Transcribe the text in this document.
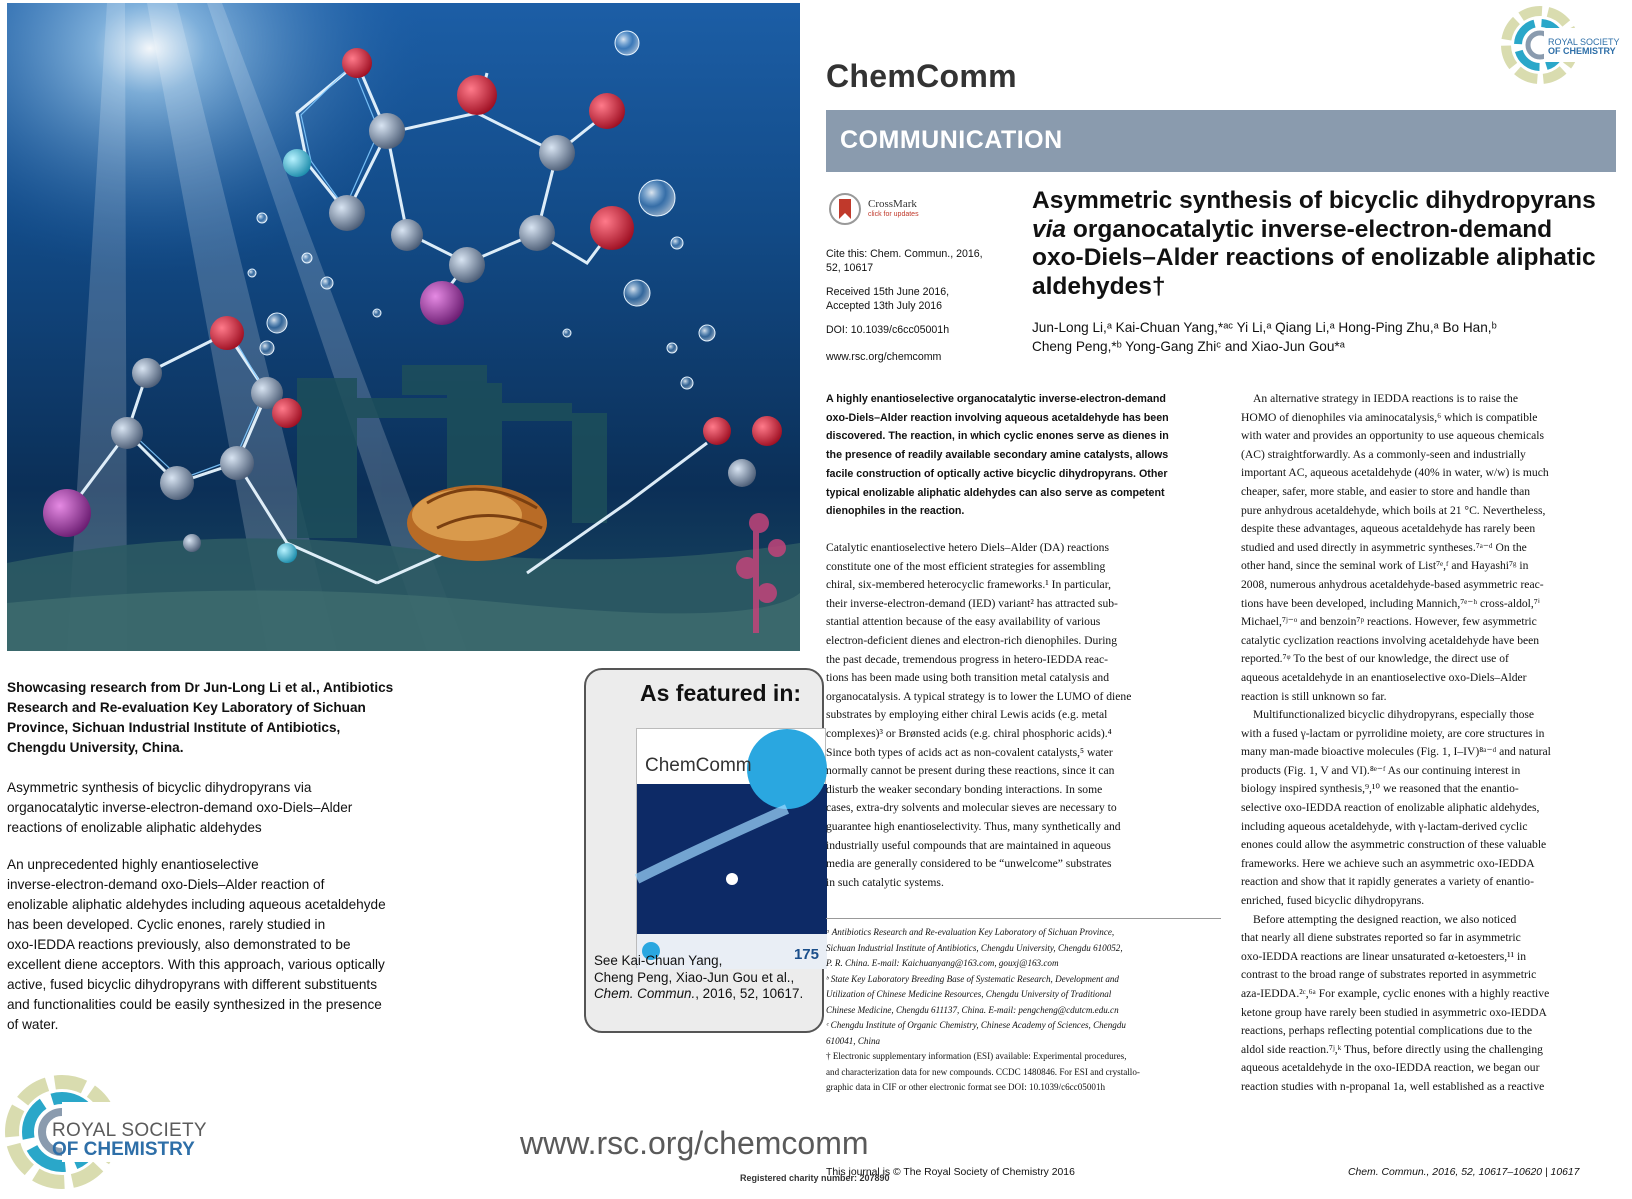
Showcasing research from Dr Jun-Long Li et al., Antibiotics
Research and Re-evaluation Key Laboratory of Sichuan
Province, Sichuan Industrial Institute of Antibiotics,
Chengdu University, China.
Asymmetric synthesis of bicyclic dihydropyrans via
organocatalytic inverse-electron-demand oxo-Diels–Alder
reactions of enolizable aliphatic aldehydes
An unprecedented highly enantioselective
inverse-electron-demand oxo-Diels–Alder reaction of
enolizable aliphatic aldehydes including aqueous acetaldehyde
has been developed. Cyclic enones, rarely studied in
oxo-IEDDA reactions previously, also demonstrated to be
excellent diene acceptors. With this approach, various optically
active, fused bicyclic dihydropyrans with different substituents
and functionalities could be easily synthesized in the presence
of water.
As featured in:
ChemComm
175
See Kai-Chuan Yang,
Cheng Peng, Xiao-Jun Gou et al.,
Chem. Commun., 2016, 52, 10617.
ROYAL SOCIETY
OF CHEMISTRY	www.rsc.org/chemcomm
Registered charity number: 207890
ChemComm
ROYAL SOCIETY
OF CHEMISTRY
COMMUNICATION
CrossMark
click for updates
Cite this: Chem. Commun., 2016,
52, 10617
Received 15th June 2016,
Accepted 13th July 2016
DOI: 10.1039/c6cc05001h
www.rsc.org/chemcomm
Asymmetric synthesis of bicyclic dihydropyrans
via organocatalytic inverse-electron-demand
oxo-Diels–Alder reactions of enolizable aliphatic
aldehydes†
Jun-Long Li,ᵃ Kai-Chuan Yang,*ᵃᶜ Yi Li,ᵃ Qiang Li,ᵃ Hong-Ping Zhu,ᵃ Bo Han,ᵇ
Cheng Peng,*ᵇ Yong-Gang Zhiᶜ and Xiao-Jun Gou*ᵃ
A highly enantioselective organocatalytic inverse-electron-demand
oxo-Diels–Alder reaction involving aqueous acetaldehyde has been
discovered. The reaction, in which cyclic enones serve as dienes in
the presence of readily available secondary amine catalysts, allows
facile construction of optically active bicyclic dihydropyrans. Other
typical enolizable aliphatic aldehydes can also serve as competent
dienophiles in the reaction.
Catalytic enantioselective hetero Diels–Alder (DA) reactions
constitute one of the most efficient strategies for assembling
chiral, six-membered heterocyclic frameworks.¹ In particular,
their inverse-electron-demand (IED) variant² has attracted sub-
stantial attention because of the easy availability of various
electron-deficient dienes and electron-rich dienophiles. During
the past decade, tremendous progress in hetero-IEDDA reac-
tions has been made using both transition metal catalysis and
organocatalysis. A typical strategy is to lower the LUMO of diene
substrates by employing either chiral Lewis acids (e.g. metal
complexes)³ or Brønsted acids (e.g. chiral phosphoric acids).⁴
Since both types of acids act as non-covalent catalysts,⁵ water
normally cannot be present during these reactions, since it can
disturb the weaker secondary bonding interactions. In some
cases, extra-dry solvents and molecular sieves are necessary to
guarantee high enantioselectivity. Thus, many synthetically and
industrially useful compounds that are maintained in aqueous
media are generally considered to be “unwelcome” substrates
in such catalytic systems.
ᵃ Antibiotics Research and Re-evaluation Key Laboratory of Sichuan Province,
Sichuan Industrial Institute of Antibiotics, Chengdu University, Chengdu 610052,
P. R. China. E-mail: Kaichuanyang@163.com, gouxj@163.com
ᵇ State Key Laboratory Breeding Base of Systematic Research, Development and
Utilization of Chinese Medicine Resources, Chengdu University of Traditional
Chinese Medicine, Chengdu 611137, China. E-mail: pengcheng@cdutcm.edu.cn
ᶜ Chengdu Institute of Organic Chemistry, Chinese Academy of Sciences, Chengdu
610041, China
† Electronic supplementary information (ESI) available: Experimental procedures,
and characterization data for new compounds. CCDC 1480846. For ESI and crystallo-
graphic data in CIF or other electronic format see DOI: 10.1039/c6cc05001h
An alternative strategy in IEDDA reactions is to raise the
HOMO of dienophiles via aminocatalysis,⁶ which is compatible
with water and provides an opportunity to use aqueous chemicals
(AC) straightforwardly. As a commonly-seen and industrially
important AC, aqueous acetaldehyde (40% in water, w/w) is much
cheaper, safer, more stable, and easier to store and handle than
pure anhydrous acetaldehyde, which boils at 21 °C. Nevertheless,
despite these advantages, aqueous acetaldehyde has rarely been
studied and used directly in asymmetric syntheses.⁷ᵃ⁻ᵈ On the
other hand, since the seminal work of List⁷ᵉ,ᶠ and Hayashi⁷ᵍ in
2008, numerous anhydrous acetaldehyde-based asymmetric reac-
tions have been developed, including Mannich,⁷ᵉ⁻ʰ cross-aldol,⁷ⁱ
Michael,⁷ʲ⁻ᵒ and benzoin⁷ᵖ reactions. However, few asymmetric
catalytic cyclization reactions involving acetaldehyde have been
reported.⁷ᵠ To the best of our knowledge, the direct use of
aqueous acetaldehyde in an enantioselective oxo-Diels–Alder
reaction is still unknown so far.
Multifunctionalized bicyclic dihydropyrans, especially those
with a fused γ-lactam or pyrrolidine moiety, are core structures in
many man-made bioactive molecules (Fig. 1, I–IV)⁸ᵃ⁻ᵈ and natural
products (Fig. 1, V and VI).⁸ᵉ⁻ᶠ As our continuing interest in
biology inspired synthesis,⁹,¹⁰ we reasoned that the enantio-
selective oxo-IEDDA reaction of enolizable aliphatic aldehydes,
including aqueous acetaldehyde, with γ-lactam-derived cyclic
enones could allow the asymmetric construction of these valuable
frameworks. Here we achieve such an asymmetric oxo-IEDDA
reaction and show that it rapidly generates a variety of enantio-
enriched, fused bicyclic dihydropyrans.
Before attempting the designed reaction, we also noticed
that nearly all diene substrates reported so far in asymmetric
oxo-IEDDA reactions are linear unsaturated α-ketoesters,¹¹ in
contrast to the broad range of substrates reported in asymmetric
aza-IEDDA.²ᶜ,⁶ᵃ For example, cyclic enones with a highly reactive
ketone group have rarely been studied in asymmetric oxo-IEDDA
reactions, perhaps reflecting potential complications due to the
aldol side reaction.⁷ʲ,ᵏ Thus, before directly using the challenging
aqueous acetaldehyde in the oxo-IEDDA reaction, we began our
reaction studies with n-propanal 1a, well established as a reactive
This journal is © The Royal Society of Chemistry 2016	Chem. Commun., 2016, 52, 10617–10620 | 10617
